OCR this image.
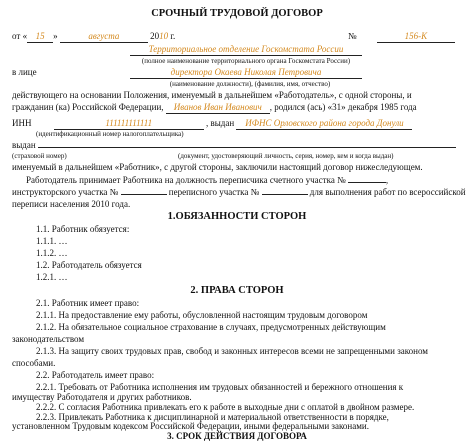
СРОЧНЫЙ ТРУДОВОЙ ДОГОВОР
от « 15 »	августа	2010 г.	№	156-К
Территориальное отделение Госкомстата России
(полное наименование территориального органа Госкомстата России)
в лице	директора Окаева Николая Петровича
(наименование должности), (фамилия, имя, отчество)
действующего на основании Положения, именуемый в дальнейшем «Работодатель», с одной стороны, и
гражданин (ка) Российской Федерации, Иванов Иван Иванович , родился (ась) «31» декабря 1985 года
ИНН	111111111111	, выдан ИФНС Орловского района города Донули
(идентификационный номер налогоплательщика)
выдан
(страховой номер)	(документ, удостоверяющий личность, серия, номер, кем и когда выдан)
именуемый в дальнейшем «Работник», с другой стороны, заключили настоящий договор нижеследующем.
Работодатель принимает Работника на должность переписчика счетного участка №	,
инструкторского участка №	переписного участка №	для выполнения работ по всероссийской
переписи населения 2010 года.
1.ОБЯЗАННОСТИ СТОРОН
1.1. Работник обязуется:
1.1.1. …
1.1.2. …
1.2. Работодатель обязуется
1.2.1. …
2. ПРАВА СТОРОН
2.1. Работник имеет право:
2.1.1. На предоставление ему работы, обусловленной настоящим трудовым договором
2.1.2. На обязательное социальное страхование в случаях, предусмотренных действующим
законодательством
2.1.3. На защиту своих трудовых прав, свобод и законных интересов всеми не запрещенными законом
способами.
2.2. Работодатель имеет право:
2.2.1. Требовать от Работника исполнения им трудовых обязанностей и бережного отношения к
имуществу Работодателя и других работников.
2.2.2. С согласия Работника привлекать его к работе в выходные дни с оплатой в двойном размере.
2.2.3. Привлекать Работника к дисциплинарной и материальной ответственности в порядке,
установленном Трудовым кодексом Российской Федерации, иными федеральными законами.
3. СРОК ДЕЙСТВИЯ ДОГОВОРА
